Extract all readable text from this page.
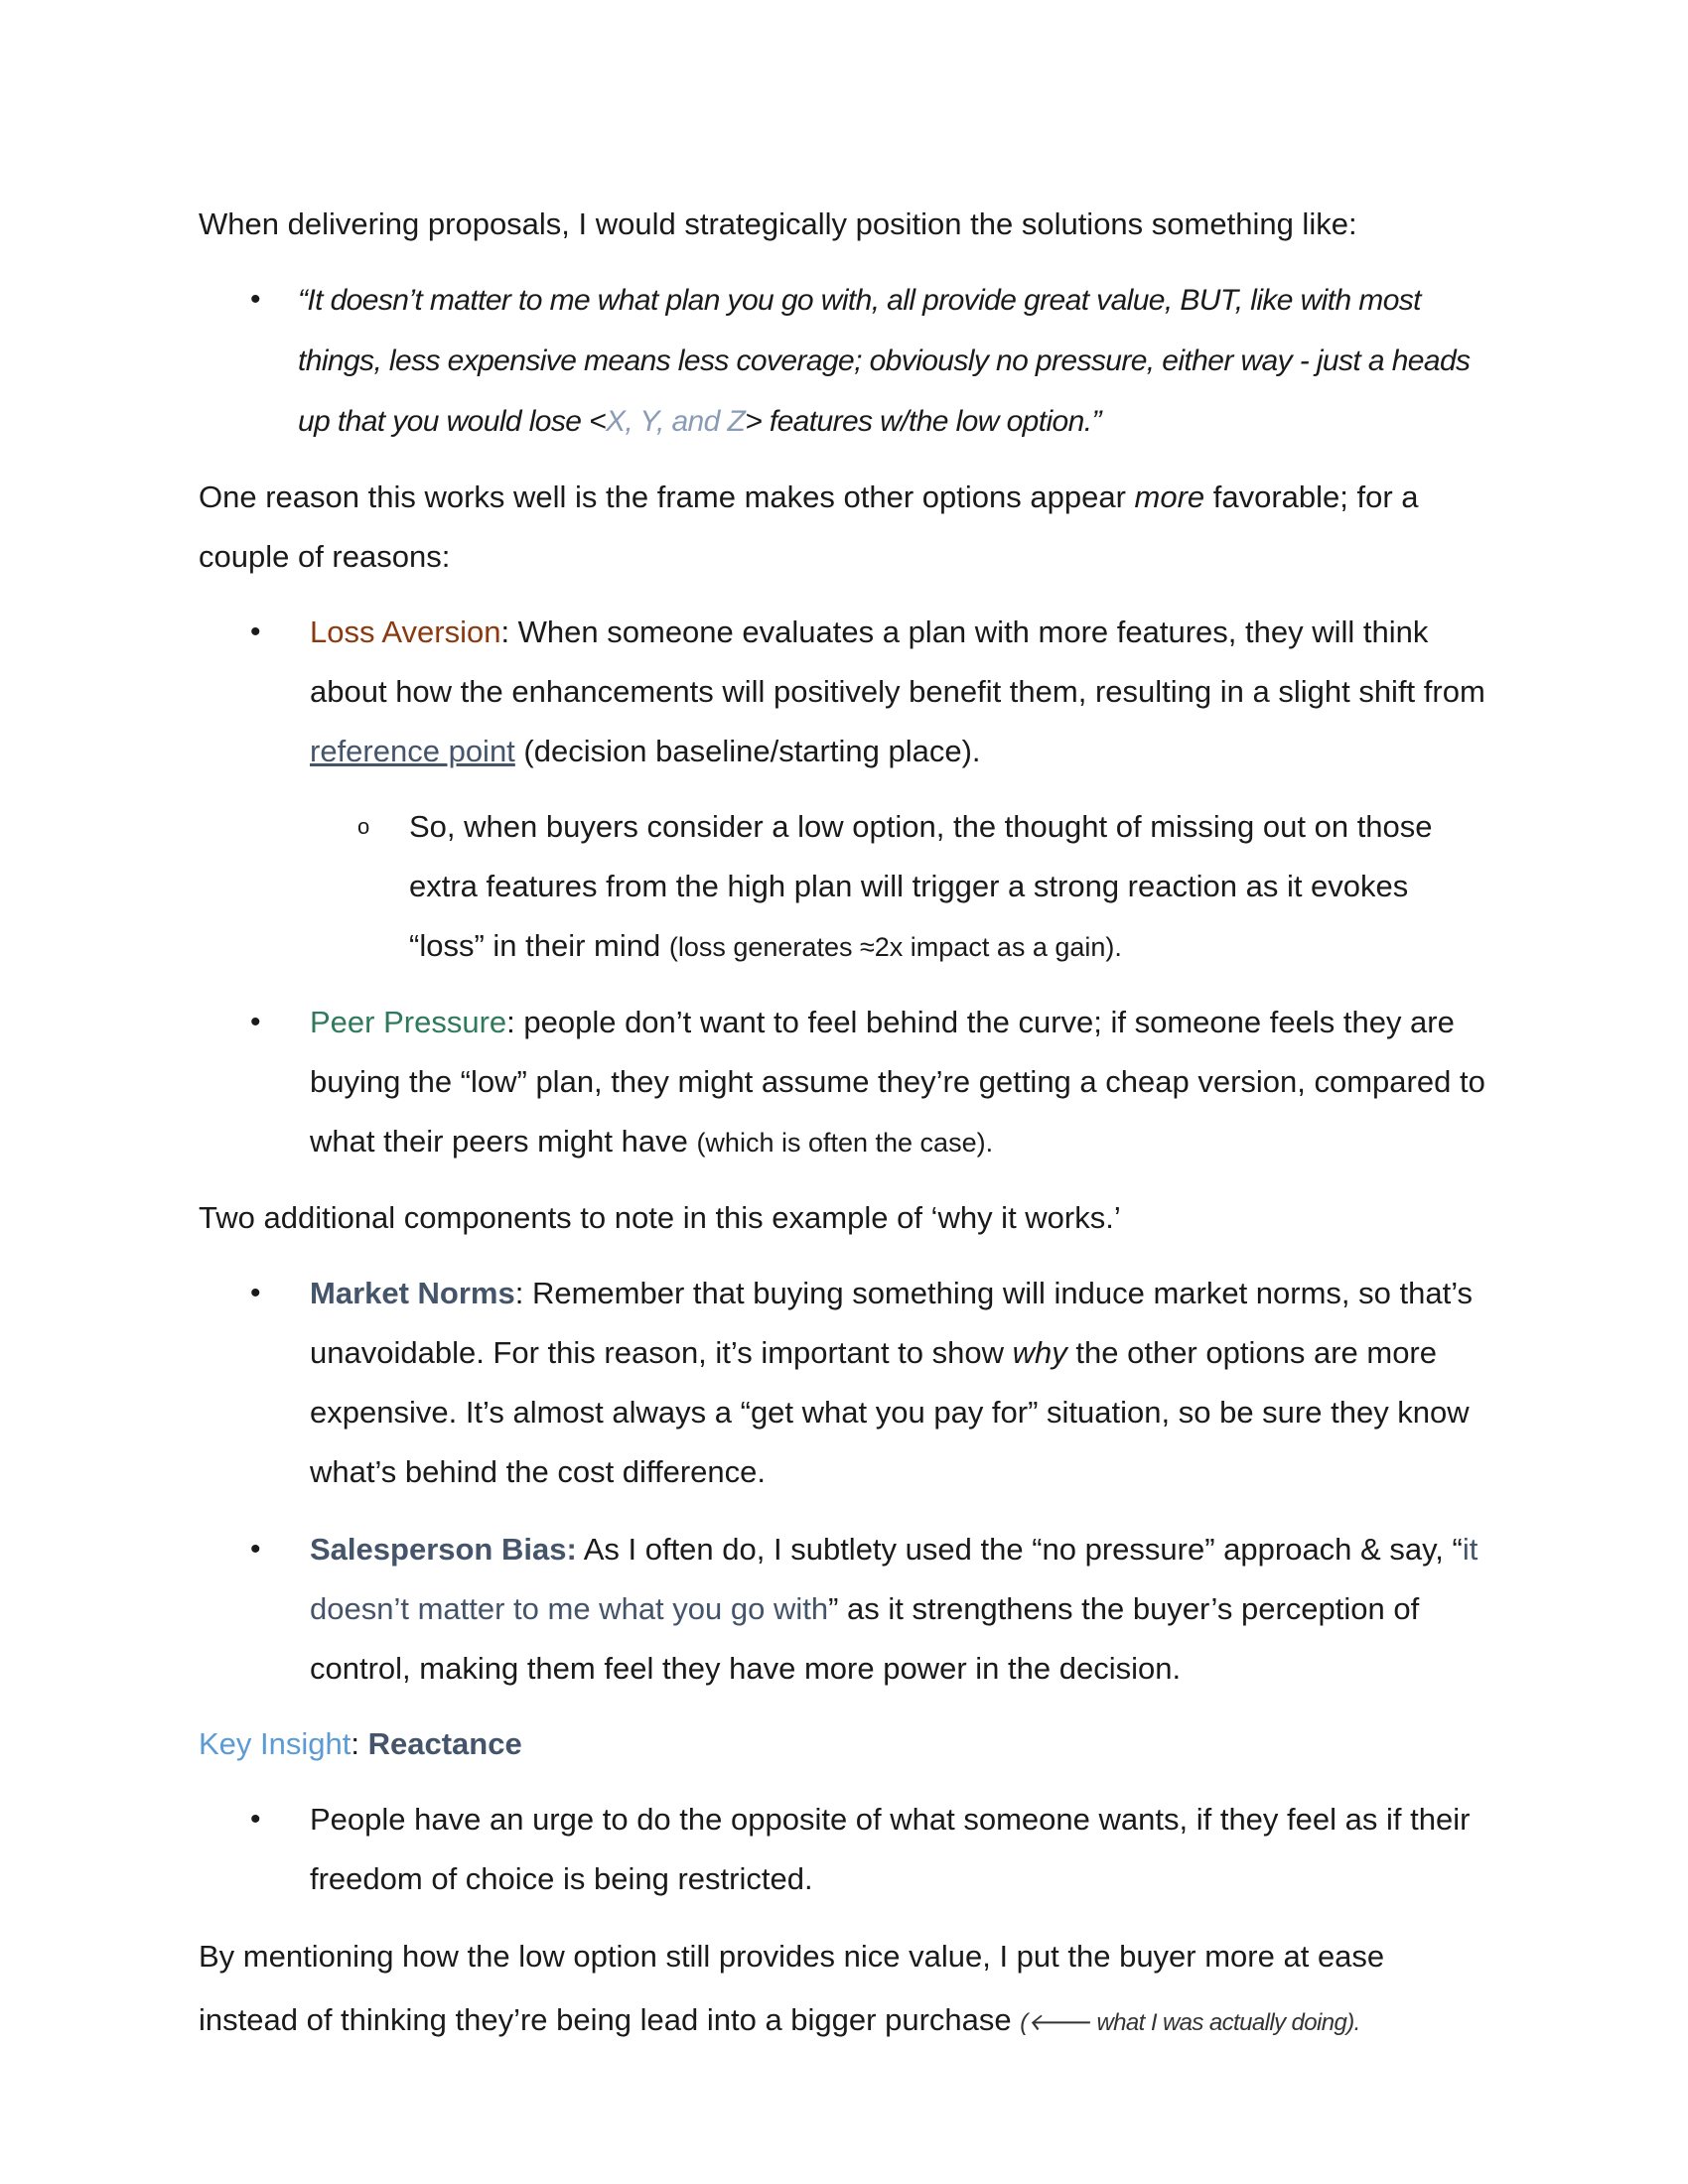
When delivering proposals, I would strategically position the solutions something like:

• “It doesn’t matter to me what plan you go with, all provide great value, BUT, like with most things, less expensive means less coverage; obviously no pressure, either way - just a heads up that you would lose <X, Y, and Z> features w/the low option.”

One reason this works well is the frame makes other options appear more favorable; for a couple of reasons:

• Loss Aversion: When someone evaluates a plan with more features, they will think about how the enhancements will positively benefit them, resulting in a slight shift from reference point (decision baseline/starting place).
o So, when buyers consider a low option, the thought of missing out on those extra features from the high plan will trigger a strong reaction as it evokes “loss” in their mind (loss generates ≈2x impact as a gain).
• Peer Pressure: people don’t want to feel behind the curve; if someone feels they are buying the “low” plan, they might assume they’re getting a cheap version, compared to what their peers might have (which is often the case).

Two additional components to note in this example of ‘why it works.’

• Market Norms: Remember that buying something will induce market norms, so that’s unavoidable. For this reason, it’s important to show why the other options are more expensive. It’s almost always a “get what you pay for” situation, so be sure they know what’s behind the cost difference.
• Salesperson Bias: As I often do, I subtlety used the “no pressure” approach & say, “it doesn’t matter to me what you go with” as it strengthens the buyer’s perception of control, making them feel they have more power in the decision.

Key Insight: Reactance

• People have an urge to do the opposite of what someone wants, if they feel as if their freedom of choice is being restricted.

By mentioning how the low option still provides nice value, I put the buyer more at ease instead of thinking they’re being lead into a bigger purchase (🡐 what I was actually doing).
